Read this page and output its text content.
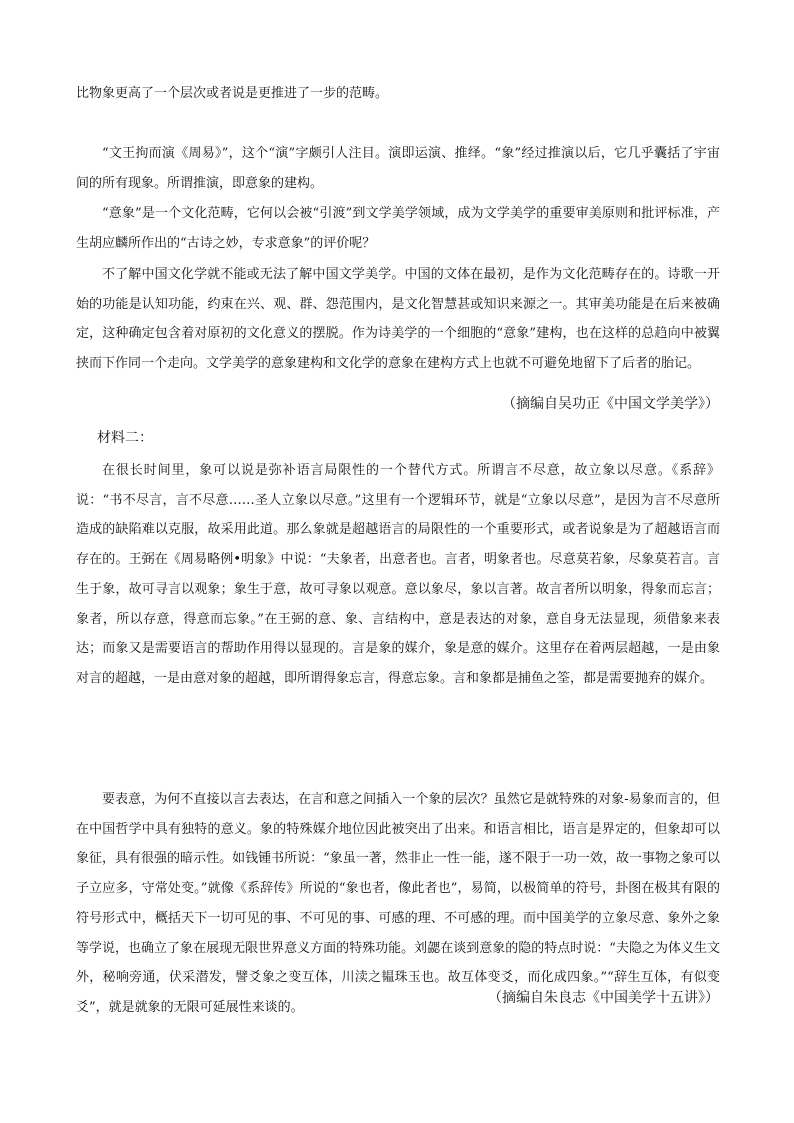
比物象更高了一个层次或者说是更推进了一步的范畴。

“文王拘而演《周易》”，这个“演”字颇引人注目。演即运演、推绎。“象”经过推演以后，它几乎囊括了宇宙间的所有现象。所谓推演，即意象的建构。

“意象”是一个文化范畴，它何以会被“引渡”到文学美学领域，成为文学美学的重要审美原则和批评标准，产生胡应麟所作出的“古诗之妙，专求意象”的评价呢？

不了解中国文化学就不能或无法了解中国文学美学。中国的文体在最初，是作为文化范畴存在的。诗歌一开始的功能是认知功能，约束在兴、观、群、怨范围内，是文化智慧甚或知识来源之一。其审美功能是在后来被确定，这种确定包含着对原初的文化意义的摆脱。作为诗美学的一个细胞的“意象”建构，也在这样的总趋向中被翼挟而下作同一个走向。文学美学的意象建构和文化学的意象在建构方式上也就不可避免地留下了后者的胎记。

（摘编自吴功正《中国文学美学》）

材料二：

在很长时间里，象可以说是弥补语言局限性的一个替代方式。所谓言不尽意，故立象以尽意。《系辞》说：“书不尽言，言不尽意……圣人立象以尽意。”这里有一个逻辑环节，就是“立象以尽意”，是因为言不尽意所造成的缺陷难以克服，故采用此道。那么象就是超越语言的局限性的一个重要形式，或者说象是为了超越语言而存在的。王弼在《周易略例•明象》中说：“夫象者，出意者也。言者，明象者也。尽意莫若象，尽象莫若言。言生于象，故可寻言以观象；象生于意，故可寻象以观意。意以象尽，象以言著。故言者所以明象，得象而忘言；象者，所以存意，得意而忘象。”在王弼的意、象、言结构中，意是表达的对象，意自身无法显现，须借象来表达；而象又是需要语言的帮助作用得以显现的。言是象的媒介，象是意的媒介。这里存在着两层超越，一是由象对言的超越，一是由意对象的超越，即所谓得象忘言，得意忘象。言和象都是捕鱼之筌，都是需要抛弃的媒介。

要表意，为何不直接以言去表达，在言和意之间插入一个象的层次？虽然它是就特殊的对象-易象而言的，但在中国哲学中具有独特的意义。象的特殊媒介地位因此被突出了出来。和语言相比，语言是界定的，但象却可以象征，具有很强的暗示性。如钱锺书所说：“象虽一著，然非止一性一能，遂不限于一功一效，故一事物之象可以子立应多，守常处变。”就像《系辞传》所说的“象也者，像此者也”，易简，以极简单的符号，卦图在极其有限的符号形式中，概括天下一切可见的事、不可见的事、可感的理、不可感的理。而中国美学的立象尽意、象外之象等学说，也确立了象在展现无限世界意义方面的特殊功能。刘勰在谈到意象的隐的特点时说：“夫隐之为体义生文外，秘响旁通，伏采潜发，譬爻象之变互体，川渎之韫珠玉也。故互体变爻，而化成四象。”“辞生互体，有似变爻”，就是就象的无限可延展性来谈的。

（摘编自朱良志《中国美学十五讲》）
